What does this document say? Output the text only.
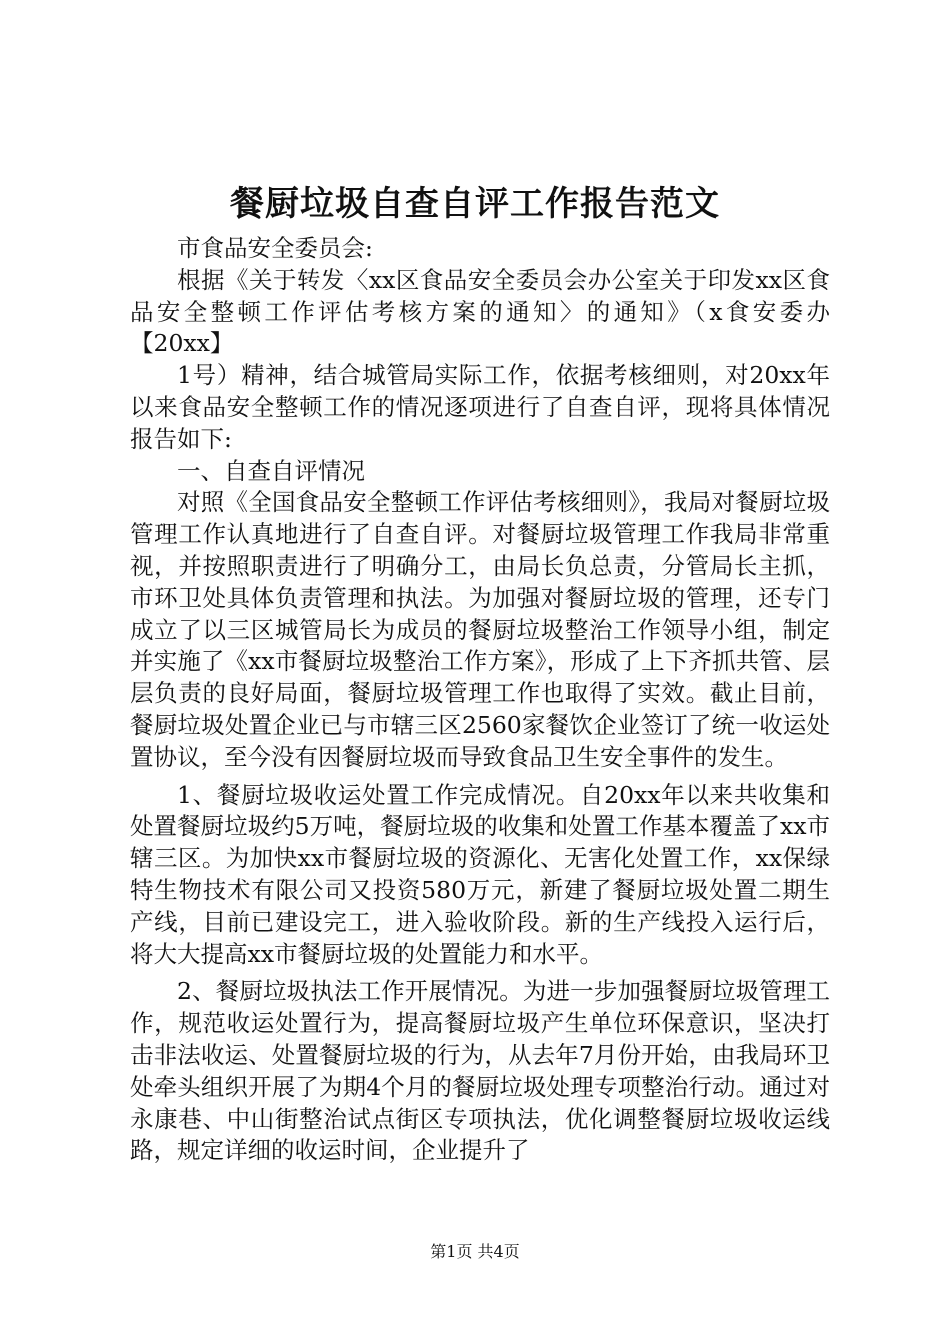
餐厨垃圾自查自评工作报告范文

市食品安全委员会:

根据《关于转发〈xx区食品安全委员会办公室关于印发xx区食品安全整顿工作评估考核方案的通知〉的通知》（x食安委办【20xx】

1号）精神，结合城管局实际工作，依据考核细则，对20xx年以来食品安全整顿工作的情况逐项进行了自查自评，现将具体情况报告如下:

一、自查自评情况

对照《全国食品安全整顿工作评估考核细则》，我局对餐厨垃圾管理工作认真地进行了自查自评。对餐厨垃圾管理工作我局非常重视，并按照职责进行了明确分工，由局长负总责，分管局长主抓，市环卫处具体负责管理和执法。为加强对餐厨垃圾的管理，还专门成立了以三区城管局长为成员的餐厨垃圾整治工作领导小组，制定并实施了《xx市餐厨垃圾整治工作方案》，形成了上下齐抓共管、层层负责的良好局面，餐厨垃圾管理工作也取得了实效。截止目前，餐厨垃圾处置企业已与市辖三区2560家餐饮企业签订了统一收运处置协议，至今没有因餐厨垃圾而导致食品卫生安全事件的发生。

1、餐厨垃圾收运处置工作完成情况。自20xx年以来共收集和处置餐厨垃圾约5万吨，餐厨垃圾的收集和处置工作基本覆盖了xx市辖三区。为加快xx市餐厨垃圾的资源化、无害化处置工作，xx保绿特生物技术有限公司又投资580万元，新建了餐厨垃圾处置二期生产线，目前已建设完工，进入验收阶段。新的生产线投入运行后，将大大提高xx市餐厨垃圾的处置能力和水平。

2、餐厨垃圾执法工作开展情况。为进一步加强餐厨垃圾管理工作，规范收运处置行为，提高餐厨垃圾产生单位环保意识，坚决打击非法收运、处置餐厨垃圾的行为，从去年7月份开始，由我局环卫处牵头组织开展了为期4个月的餐厨垃圾处理专项整治行动。通过对永康巷、中山街整治试点街区专项执法，优化调整餐厨垃圾收运线路，规定详细的收运时间，企业提升了

第1页 共4页
